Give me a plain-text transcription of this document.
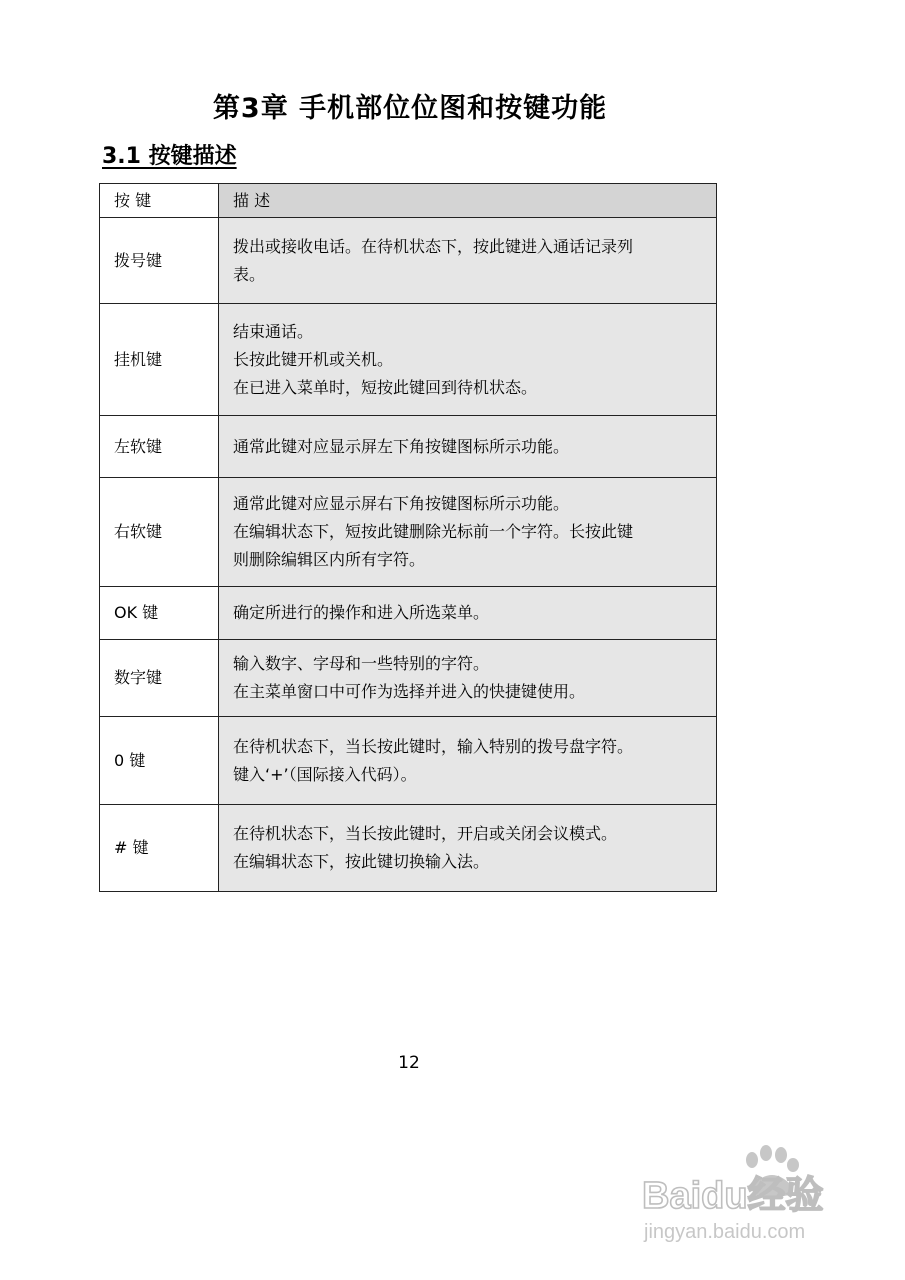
第3章 手机部位位图和按键功能
3.1 按键描述
按 键	描 述
拨号键	拨出或接收电话。在待机状态下，按此键进入通话记录列
表。

挂机键	结束通话。
长按此键开机或关机。
在已进入菜单时，短按此键回到待机状态。

左软键	通常此键对应显示屏左下角按键图标所示功能。

右软键	通常此键对应显示屏右下角按键图标所示功能。
在编辑状态下，短按此键删除光标前一个字符。长按此键
则删除编辑区内所有字符。

OK 键	确定所进行的操作和进入所选菜单。

数字键	输入数字、字母和一些特别的字符。
在主菜单窗口中可作为选择并进入的快捷键使用。

0 键	在待机状态下，当长按此键时，输入特别的拨号盘字符。
键入‘+’（国际接入代码）。

# 键	在待机状态下，当长按此键时，开启或关闭会议模式。
在编辑状态下，按此键切换输入法。
12
Baidu经验
jingyan.baidu.com
